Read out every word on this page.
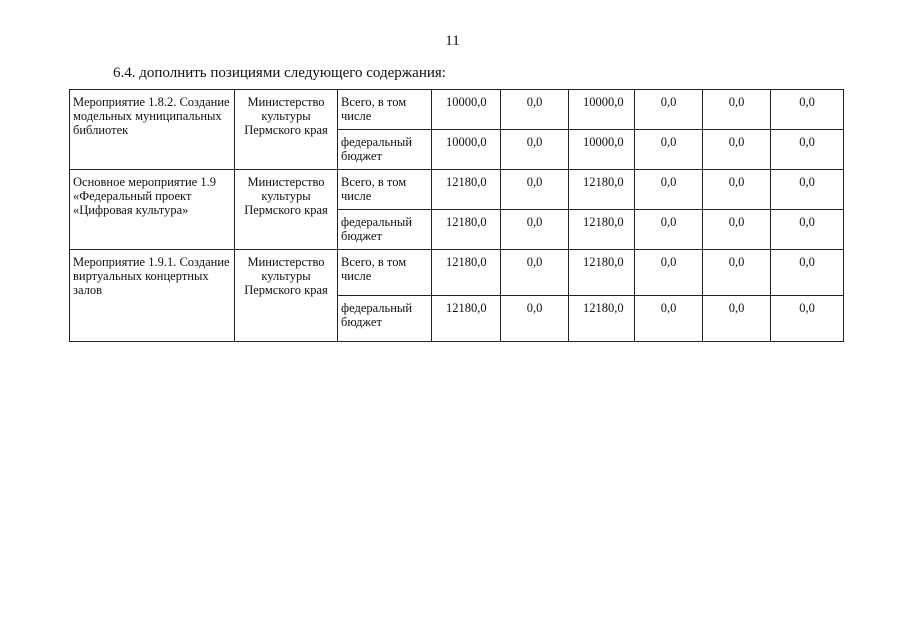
11
6.4. дополнить позициями следующего содержания:
Мероприятие 1.8.2. Создание модельных муниципальных библиотек	Министерство культуры Пермского края	Всего, в том числе	10000,0	0,0	10000,0	0,0	0,0	0,0
		федеральный бюджет	10000,0	0,0	10000,0	0,0	0,0	0,0
Основное мероприятие 1.9 «Федеральный проект «Цифровая культура»	Министерство культуры Пермского края	Всего, в том числе	12180,0	0,0	12180,0	0,0	0,0	0,0
		федеральный бюджет	12180,0	0,0	12180,0	0,0	0,0	0,0
Мероприятие 1.9.1. Создание виртуальных концертных залов	Министерство культуры Пермского края	Всего, в том числе	12180,0	0,0	12180,0	0,0	0,0	0,0
		федеральный бюджет	12180,0	0,0	12180,0	0,0	0,0	0,0
